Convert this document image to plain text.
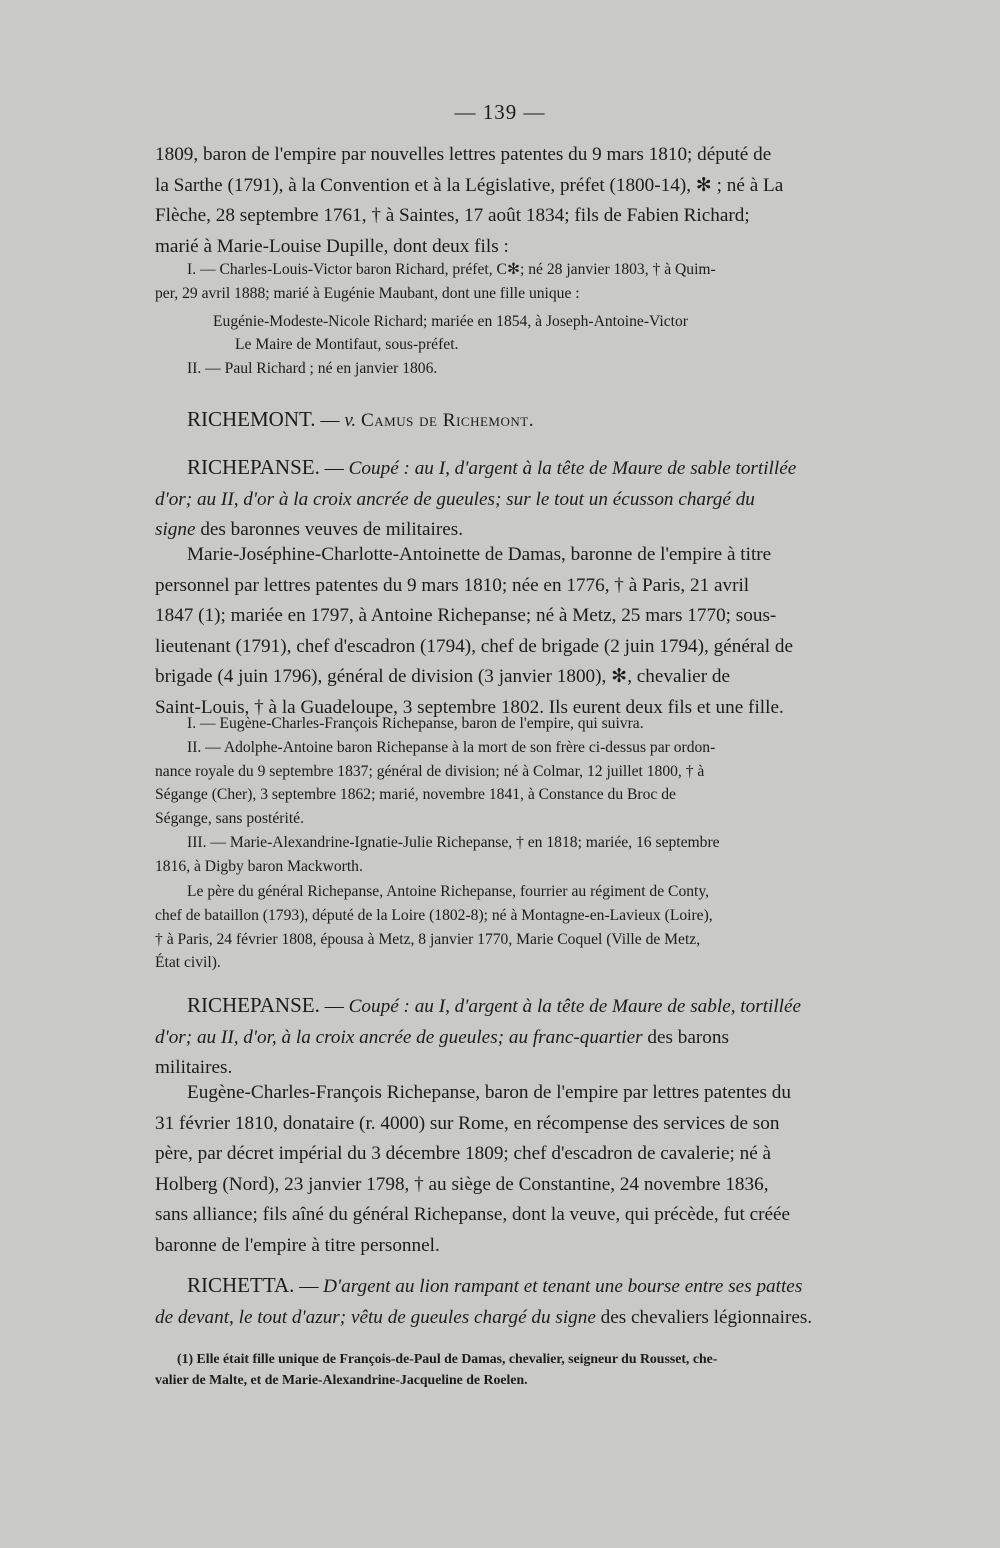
— 139 —
1809, baron de l'empire par nouvelles lettres patentes du 9 mars 1810; député de
la Sarthe (1791), à la Convention et à la Législative, préfet (1800-14), ✻ ; né à La
Flèche, 28 septembre 1761, † à Saintes, 17 août 1834; fils de Fabien Richard;
marié à Marie-Louise Dupille, dont deux fils :
I. — Charles-Louis-Victor baron Richard, préfet, C✻; né 28 janvier 1803, † à Quim-
per, 29 avril 1888; marié à Eugénie Maubant, dont une fille unique :
Eugénie-Modeste-Nicole Richard; mariée en 1854, à Joseph-Antoine-Victor
Le Maire de Montifaut, sous-préfet.
II. — Paul Richard ; né en janvier 1806.
RICHEMONT. — v. Camus de Richemont.
RICHEPANSE. — Coupé : au I, d'argent à la tête de Maure de sable tortillée
d'or; au II, d'or à la croix ancrée de gueules; sur le tout un écusson chargé du
signe des baronnes veuves de militaires.
Marie-Joséphine-Charlotte-Antoinette de Damas, baronne de l'empire à titre
personnel par lettres patentes du 9 mars 1810; née en 1776, † à Paris, 21 avril
1847 (1); mariée en 1797, à Antoine Richepanse; né à Metz, 25 mars 1770; sous-
lieutenant (1791), chef d'escadron (1794), chef de brigade (2 juin 1794), général de
brigade (4 juin 1796), général de division (3 janvier 1800), ✻, chevalier de
Saint-Louis, † à la Guadeloupe, 3 septembre 1802. Ils eurent deux fils et une fille.
I. — Eugène-Charles-François Richepanse, baron de l'empire, qui suivra.
II. — Adolphe-Antoine baron Richepanse à la mort de son frère ci-dessus par ordon-
nance royale du 9 septembre 1837; général de division; né à Colmar, 12 juillet 1800, † à
Ségange (Cher), 3 septembre 1862; marié, novembre 1841, à Constance du Broc de
Ségange, sans postérité.
III. — Marie-Alexandrine-Ignatie-Julie Richepanse, † en 1818; mariée, 16 septembre
1816, à Digby baron Mackworth.
Le père du général Richepanse, Antoine Richepanse, fourrier au régiment de Conty,
chef de bataillon (1793), député de la Loire (1802-8); né à Montagne-en-Lavieux (Loire),
† à Paris, 24 février 1808, épousa à Metz, 8 janvier 1770, Marie Coquel (Ville de Metz,
État civil).
RICHEPANSE. — Coupé : au I, d'argent à la tête de Maure de sable, tortillée
d'or; au II, d'or, à la croix ancrée de gueules; au franc-quartier des barons
militaires.
Eugène-Charles-François Richepanse, baron de l'empire par lettres patentes du
31 février 1810, donataire (r. 4000) sur Rome, en récompense des services de son
père, par décret impérial du 3 décembre 1809; chef d'escadron de cavalerie; né à
Holberg (Nord), 23 janvier 1798, † au siège de Constantine, 24 novembre 1836,
sans alliance; fils aîné du général Richepanse, dont la veuve, qui précède, fut créée
baronne de l'empire à titre personnel.
RICHETTA. — D'argent au lion rampant et tenant une bourse entre ses pattes
de devant, le tout d'azur; vêtu de gueules chargé du signe des chevaliers légionnaires.
(1) Elle était fille unique de François-de-Paul de Damas, chevalier, seigneur du Rousset, che-
valier de Malte, et de Marie-Alexandrine-Jacqueline de Roelen.
